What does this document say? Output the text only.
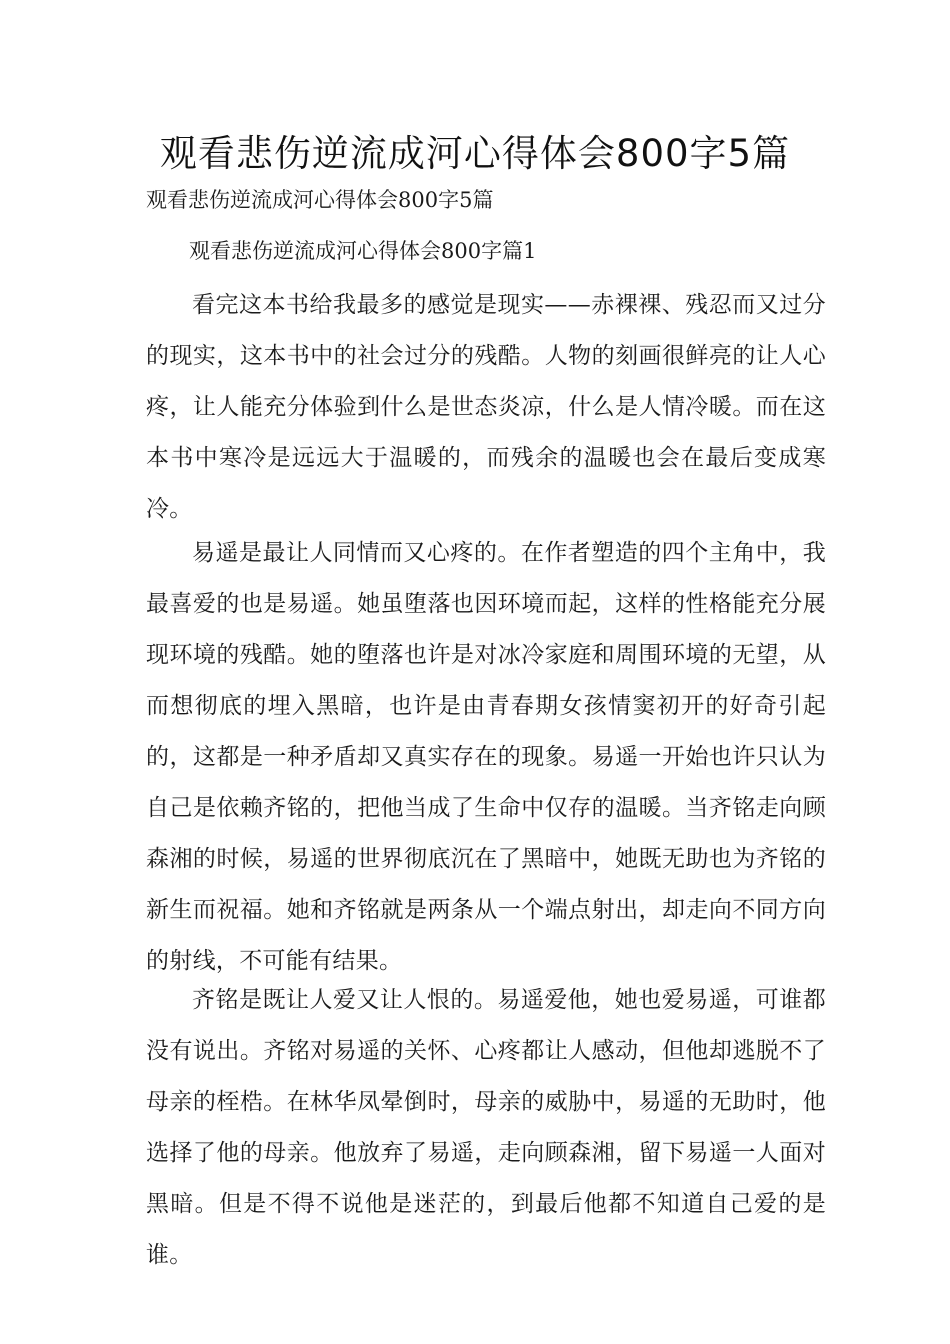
观看悲伤逆流成河心得体会800字5篇

观看悲伤逆流成河心得体会800字5篇

观看悲伤逆流成河心得体会800字篇1

看完这本书给我最多的感觉是现实——赤裸裸、残忍而又过分的现实，这本书中的社会过分的残酷。人物的刻画很鲜亮的让人心疼，让人能充分体验到什么是世态炎凉，什么是人情冷暖。而在这本书中寒冷是远远大于温暖的，而残余的温暖也会在最后变成寒冷。

易遥是最让人同情而又心疼的。在作者塑造的四个主角中，我最喜爱的也是易遥。她虽堕落也因环境而起，这样的性格能充分展现环境的残酷。她的堕落也许是对冰冷家庭和周围环境的无望，从而想彻底的埋入黑暗，也许是由青春期女孩情窦初开的好奇引起的，这都是一种矛盾却又真实存在的现象。易遥一开始也许只认为自己是依赖齐铭的，把他当成了生命中仅存的温暖。当齐铭走向顾森湘的时候，易遥的世界彻底沉在了黑暗中，她既无助也为齐铭的新生而祝福。她和齐铭就是两条从一个端点射出，却走向不同方向的射线，不可能有结果。

齐铭是既让人爱又让人恨的。易遥爱他，她也爱易遥，可谁都没有说出。齐铭对易遥的关怀、心疼都让人感动，但他却逃脱不了母亲的桎梏。在林华凤晕倒时，母亲的威胁中，易遥的无助时，他选择了他的母亲。他放弃了易遥，走向顾森湘，留下易遥一人面对黑暗。但是不得不说他是迷茫的，到最后他都不知道自己爱的是谁。
